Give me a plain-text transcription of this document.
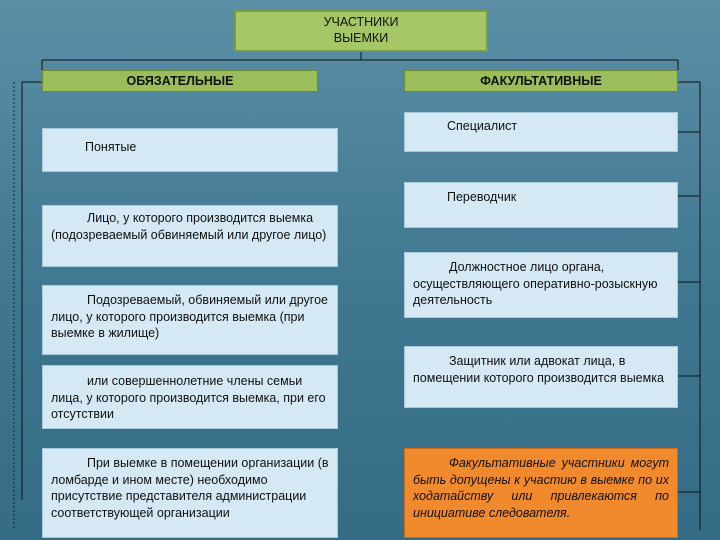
УЧАСТНИКИ
ВЫЕМКИ
ОБЯЗАТЕЛЬНЫЕ	ФАКУЛЬТАТИВНЫЕ
Понятые
Лицо, у которого производится выемка (подозреваемый обвиняемый или другое лицо)
Подозреваемый, обвиняемый или другое лицо, у которого производится выемка (при выемке в жилище)
или совершеннолетние члены семьи лица, у которого производится выемка, при его отсутствии
При выемке в помещении организации (в ломбарде и ином месте) необходимо присутствие представителя администрации соответствующей организации
Специалист
Переводчик
Должностное лицо органа, осуществляющего оперативно-розыскную деятельность
Защитник или адвокат лица, в помещении которого производится выемка
Факультативные участники могут быть допущены к участию в выемке по их ходатайству или привлекаются по инициативе следователя.
